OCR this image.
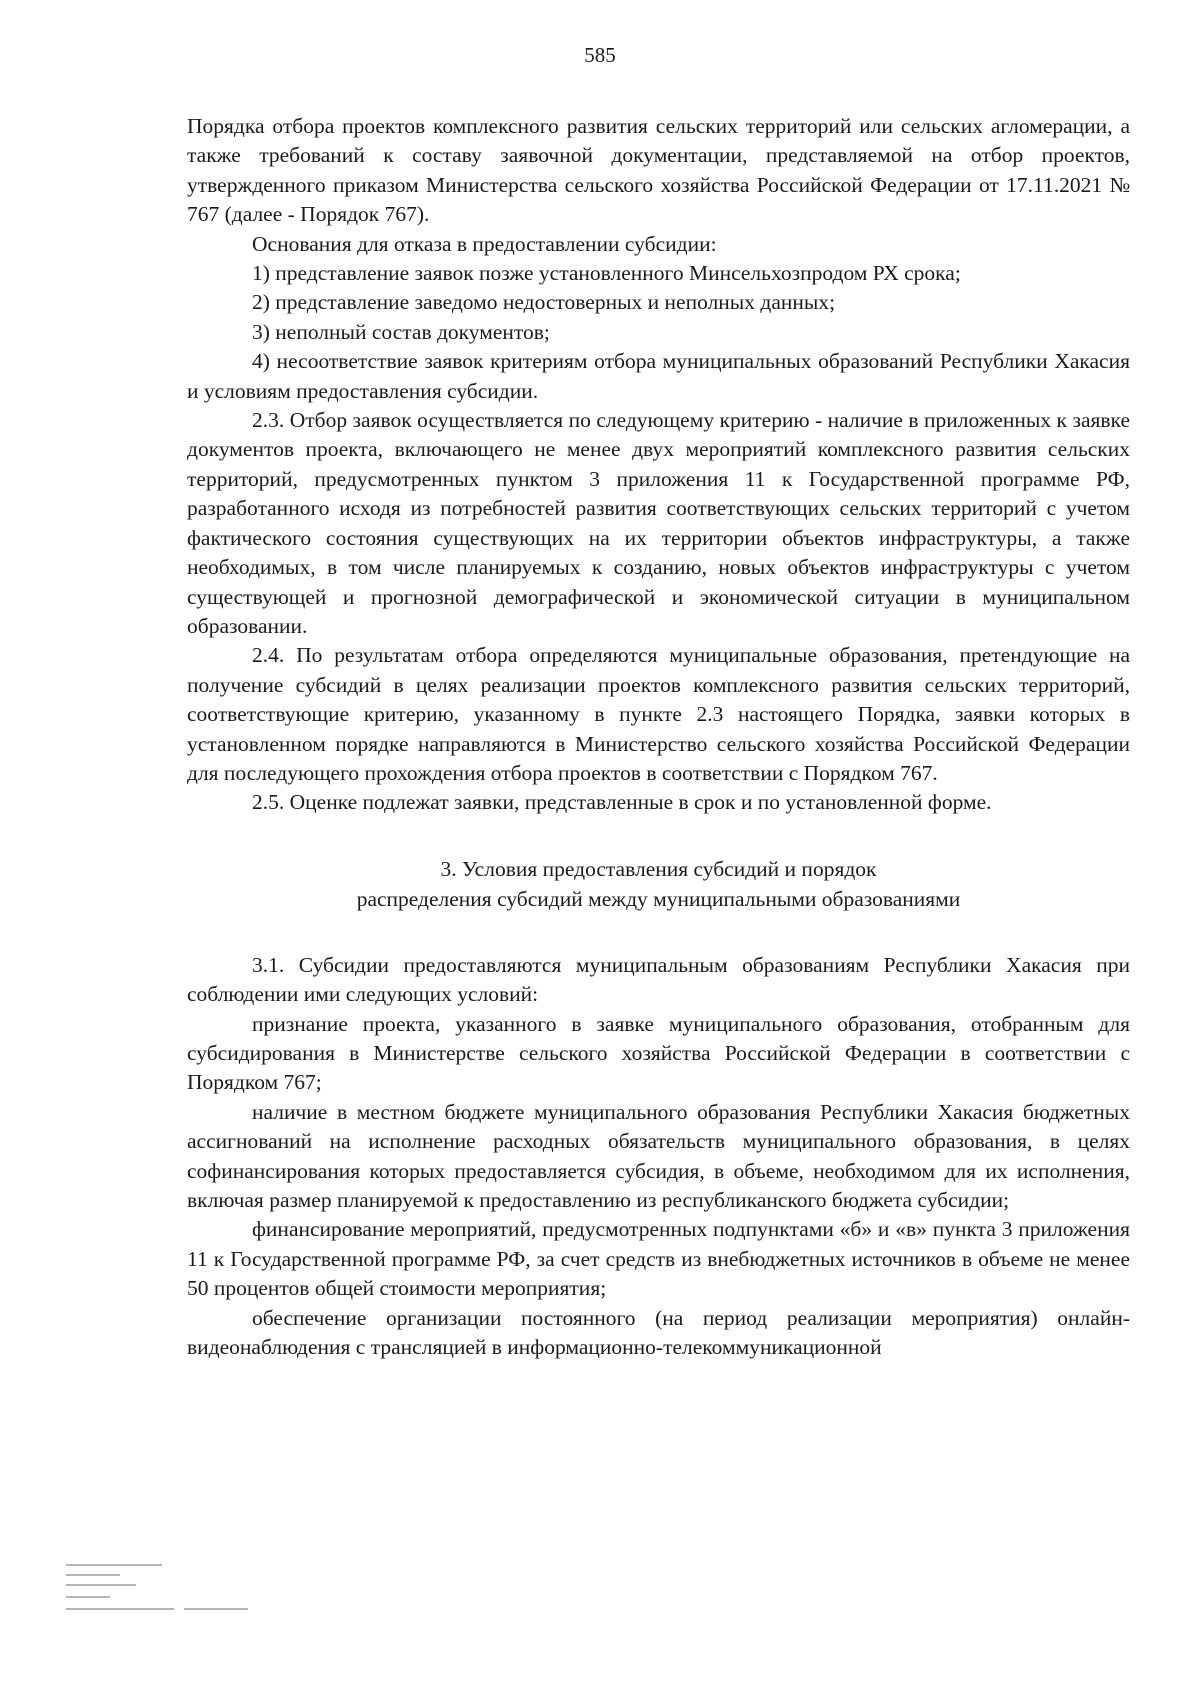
585

Порядка отбора проектов комплексного развития сельских территорий или сельских агломерации, а также требований к составу заявочной документации, представляемой на отбор проектов, утвержденного приказом Министерства сельского хозяйства Российской Федерации от 17.11.2021 № 767 (далее - Порядок 767).

Основания для отказа в предоставлении субсидии:

1) представление заявок позже установленного Минсельхозпродом РХ срока;

2) представление заведомо недостоверных и неполных данных;

3) неполный состав документов;

4) несоответствие заявок критериям отбора муниципальных образований Республики Хакасия и условиям предоставления субсидии.

2.3. Отбор заявок осуществляется по следующему критерию - наличие в приложенных к заявке документов проекта, включающего не менее двух мероприятий комплексного развития сельских территорий, предусмотренных пунктом 3 приложения 11 к Государственной программе РФ, разработанного исходя из потребностей развития соответствующих сельских территорий с учетом фактического состояния существующих на их территории объектов инфраструктуры, а также необходимых, в том числе планируемых к созданию, новых объектов инфраструктуры с учетом существующей и прогнозной демографической и экономической ситуации в муниципальном образовании.

2.4. По результатам отбора определяются муниципальные образования, претендующие на получение субсидий в целях реализации проектов комплексного развития сельских территорий, соответствующие критерию, указанному в пункте 2.3 настоящего Порядка, заявки которых в установленном порядке направляются в Министерство сельского хозяйства Российской Федерации для последующего прохождения отбора проектов в соответствии с Порядком 767.

2.5. Оценке подлежат заявки, представленные в срок и по установленной форме.

3. Условия предоставления субсидий и порядок
распределения субсидий между муниципальными образованиями

3.1. Субсидии предоставляются муниципальным образованиям Республики Хакасия при соблюдении ими следующих условий:

признание проекта, указанного в заявке муниципального образования, отобранным для субсидирования в Министерстве сельского хозяйства Российской Федерации в соответствии с Порядком 767;

наличие в местном бюджете муниципального образования Республики Хакасия бюджетных ассигнований на исполнение расходных обязательств муниципального образования, в целях софинансирования которых предоставляется субсидия, в объеме, необходимом для их исполнения, включая размер планируемой к предоставлению из республиканского бюджета субсидии;

финансирование мероприятий, предусмотренных подпунктами «б» и «в» пункта 3 приложения 11 к Государственной программе РФ, за счет средств из внебюджетных источников в объеме не менее 50 процентов общей стоимости мероприятия;

обеспечение организации постоянного (на период реализации мероприятия) онлайн-видеонаблюдения с трансляцией в информационно-телекоммуникационной
